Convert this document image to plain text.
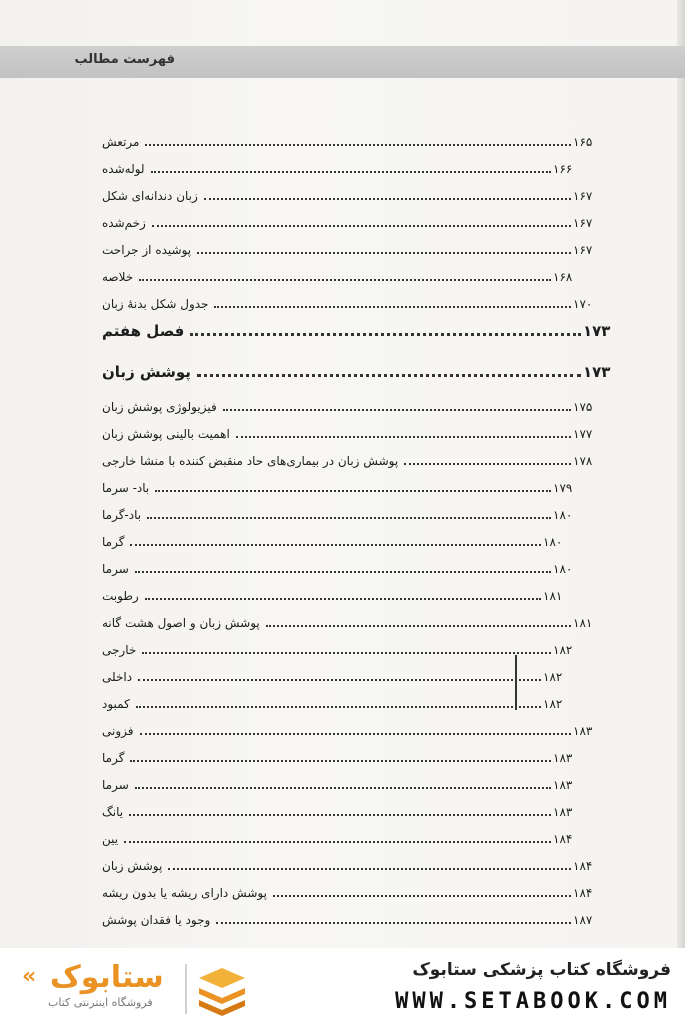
فهرست مطالب
مرتعش	۱۶۵
لوله‌شده	۱۶۶
زبان دندانه‌ای شکل	۱۶۷
زخم‌شده	۱۶۷
پوشیده از جراحت	۱۶۷
خلاصه	۱۶۸
جدول شکل بدنهٔ زبان	۱۷۰
فصل هفتم	۱۷۳
پوشش زبان	۱۷۳
فیزیولوژی پوشش زبان	۱۷۵
اهمیت بالینی پوشش زبان	۱۷۷
پوشش زبان در بیماری‌های حاد منقبض کننده با منشا خارجی	۱۷۸
باد- سرما	۱۷۹
باد-گرما	۱۸۰
گرما	۱۸۰
سرما	۱۸۰
رطوبت	۱۸۱
پوشش زبان و اصول هشت گانه	۱۸۱
خارجی	۱۸۲
داخلی	۱۸۲
کمبود	۱۸۲
فزونی	۱۸۳
گرما	۱۸۳
سرما	۱۸۳
یانگ	۱۸۳
یین	۱۸۴
پوشش زبان	۱۸۴
پوشش دارای ریشه یا بدون ریشه	۱۸۴
وجود یا فقدان پوشش	۱۸۷
فروشگاه کتاب پزشکی ستابوک
WWW.SETABOOK.COM
ستابوک
فروشگاه اینترنتی کتاب
«
